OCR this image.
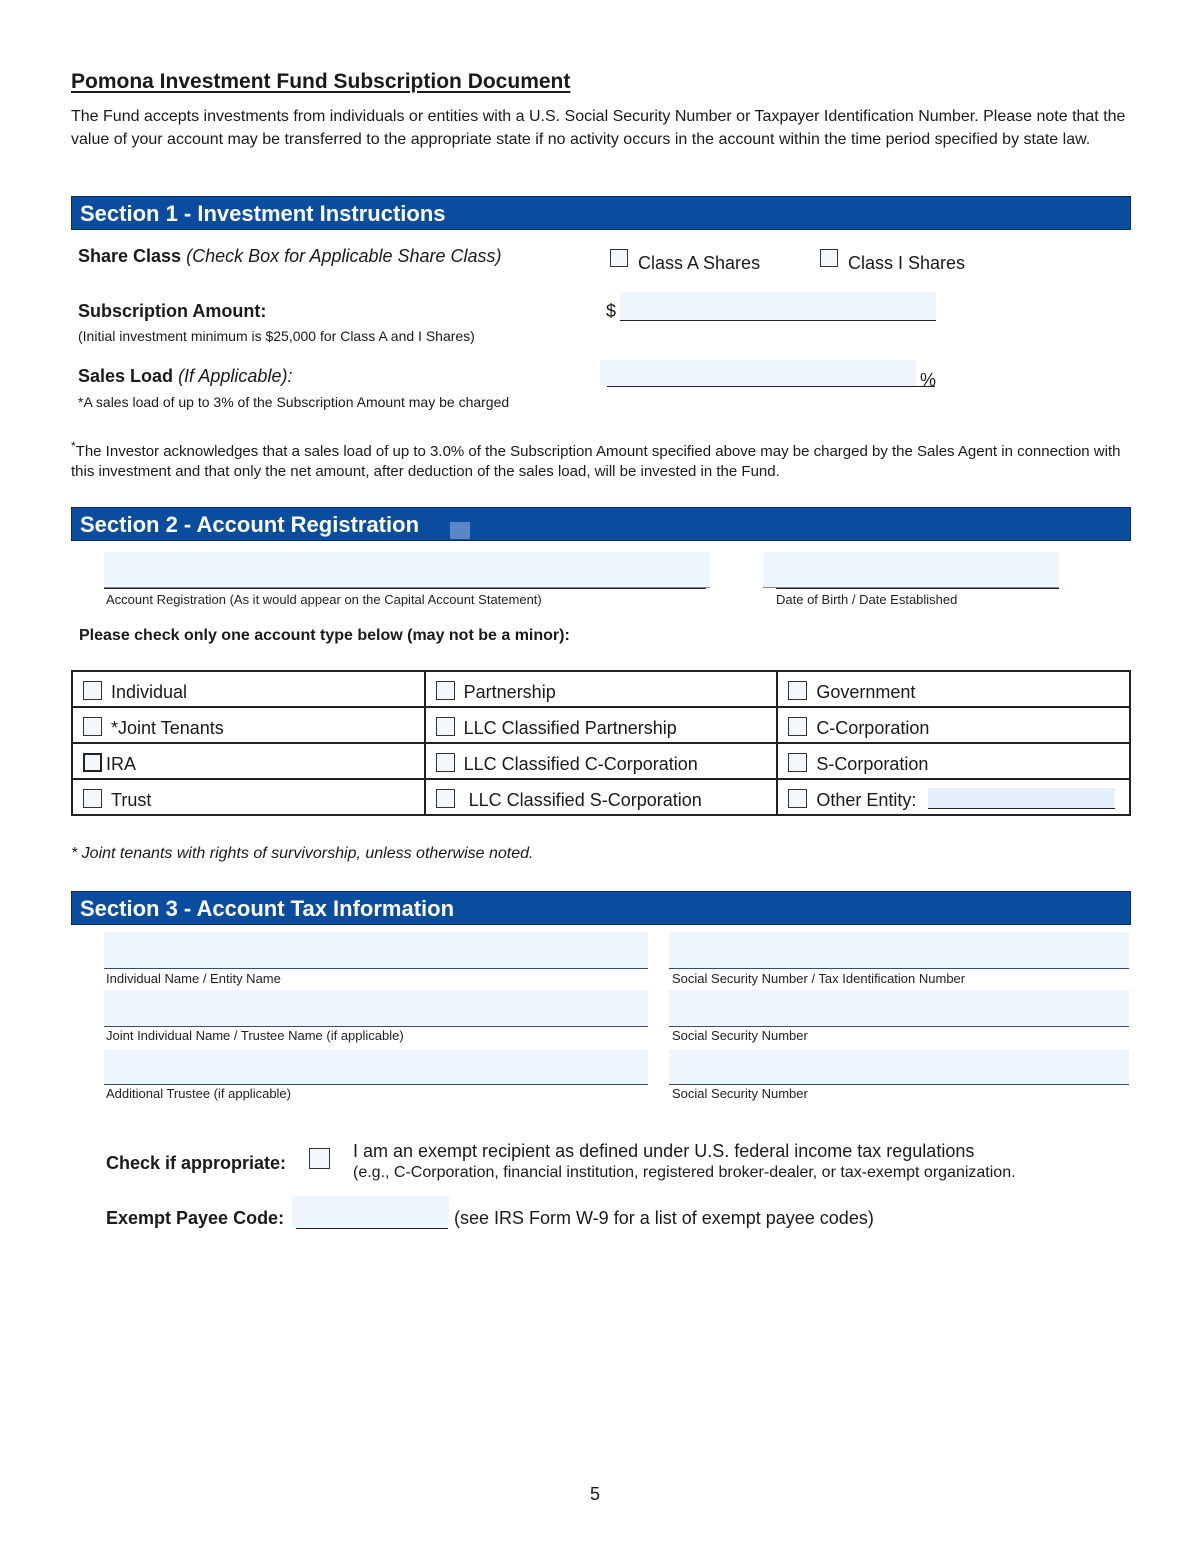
Pomona Investment Fund Subscription Document
The Fund accepts investments from individuals or entities with a U.S. Social Security Number or Taxpayer Identification Number. Please note that the value of your account may be transferred to the appropriate state if no activity occurs in the account within the time period specified by state law.
Section 1 - Investment Instructions
Share Class (Check Box for Applicable Share Class)	Class A Shares	Class I Shares
Subscription Amount:
(Initial investment minimum is $25,000 for Class A and I Shares)
$
Sales Load (If Applicable):
*A sales load of up to 3% of the Subscription Amount may be charged
%
*The Investor acknowledges that a sales load of up to 3.0% of the Subscription Amount specified above may be charged by the Sales Agent in connection with this investment and that only the net amount, after deduction of the sales load, will be invested in the Fund.
Section 2 - Account Registration
Account Registration (As it would appear on the Capital Account Statement)	Date of Birth / Date Established
Please check only one account type below (may not be a minor):
Individual	Partnership	Government

*Joint Tenants	LLC Classified Partnership	C-Corporation

IRA	LLC Classified C-Corporation	S-Corporation

Trust	LLC Classified S-Corporation	Other Entity:
* Joint tenants with rights of survivorship, unless otherwise noted.
Section 3 - Account Tax Information
Individual Name / Entity Name	Social Security Number / Tax Identification Number
Joint Individual Name / Trustee Name (if applicable)	Social Security Number
Additional Trustee (if applicable)	Social Security Number
Check if appropriate:
I am an exempt recipient as defined under U.S. federal income tax regulations
(e.g., C-Corporation, financial institution, registered broker-dealer, or tax-exempt organization.
Exempt Payee Code:	(see IRS Form W-9 for a list of exempt payee codes)
5
